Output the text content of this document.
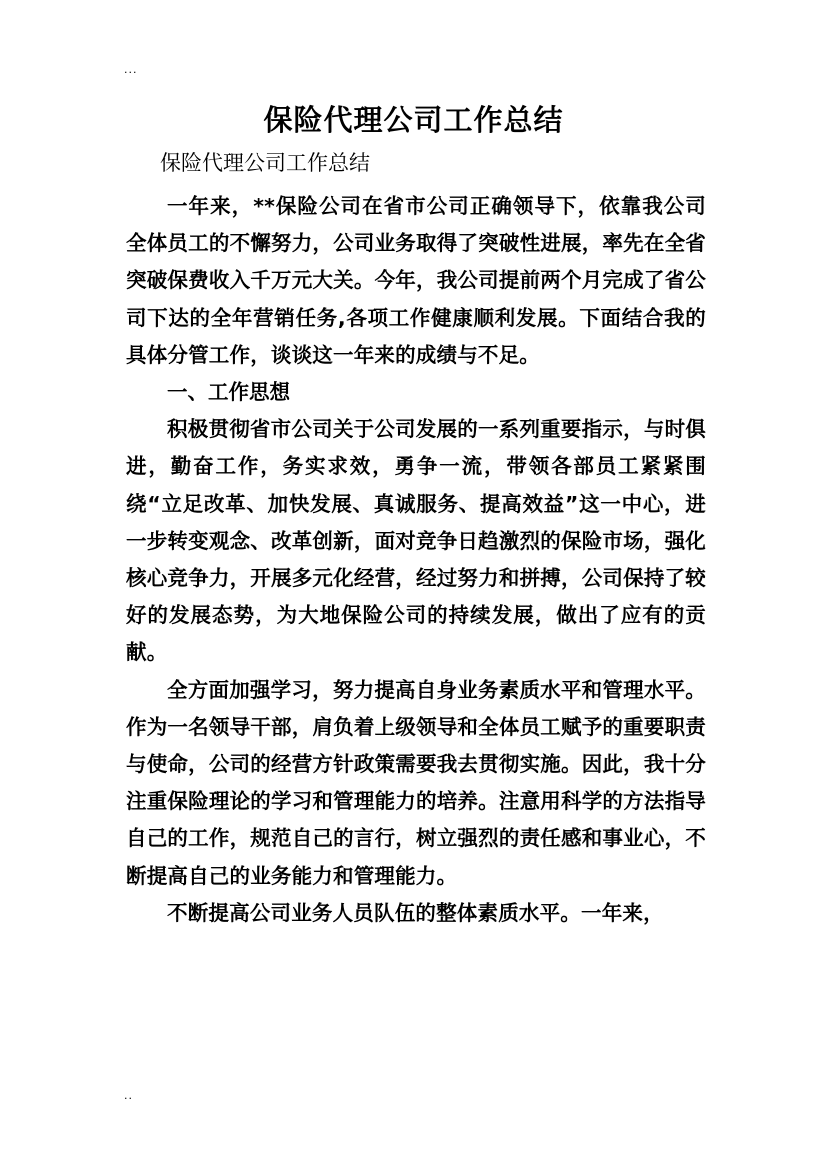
...
保险代理公司工作总结

保险代理公司工作总结

一年来，**保险公司在省市公司正确领导下，依靠我公司全体员工的不懈努力，公司业务取得了突破性进展，率先在全省突破保费收入千万元大关。今年，我公司提前两个月完成了省公司下达的全年营销任务,各项工作健康顺利发展。下面结合我的具体分管工作，谈谈这一年来的成绩与不足。

一、工作思想

积极贯彻省市公司关于公司发展的一系列重要指示，与时俱进，勤奋工作，务实求效，勇争一流，带领各部员工紧紧围绕“立足改革、加快发展、真诚服务、提高效益”这一中心，进一步转变观念、改革创新，面对竞争日趋激烈的保险市场，强化核心竞争力，开展多元化经营，经过努力和拼搏，公司保持了较好的发展态势，为大地保险公司的持续发展，做出了应有的贡献。

全方面加强学习，努力提高自身业务素质水平和管理水平。作为一名领导干部，肩负着上级领导和全体员工赋予的重要职责与使命，公司的经营方针政策需要我去贯彻实施。因此，我十分注重保险理论的学习和管理能力的培养。注意用科学的方法指导自己的工作，规范自己的言行，树立强烈的责任感和事业心，不断提高自己的业务能力和管理能力。

不断提高公司业务人员队伍的整体素质水平。一年来，

..
